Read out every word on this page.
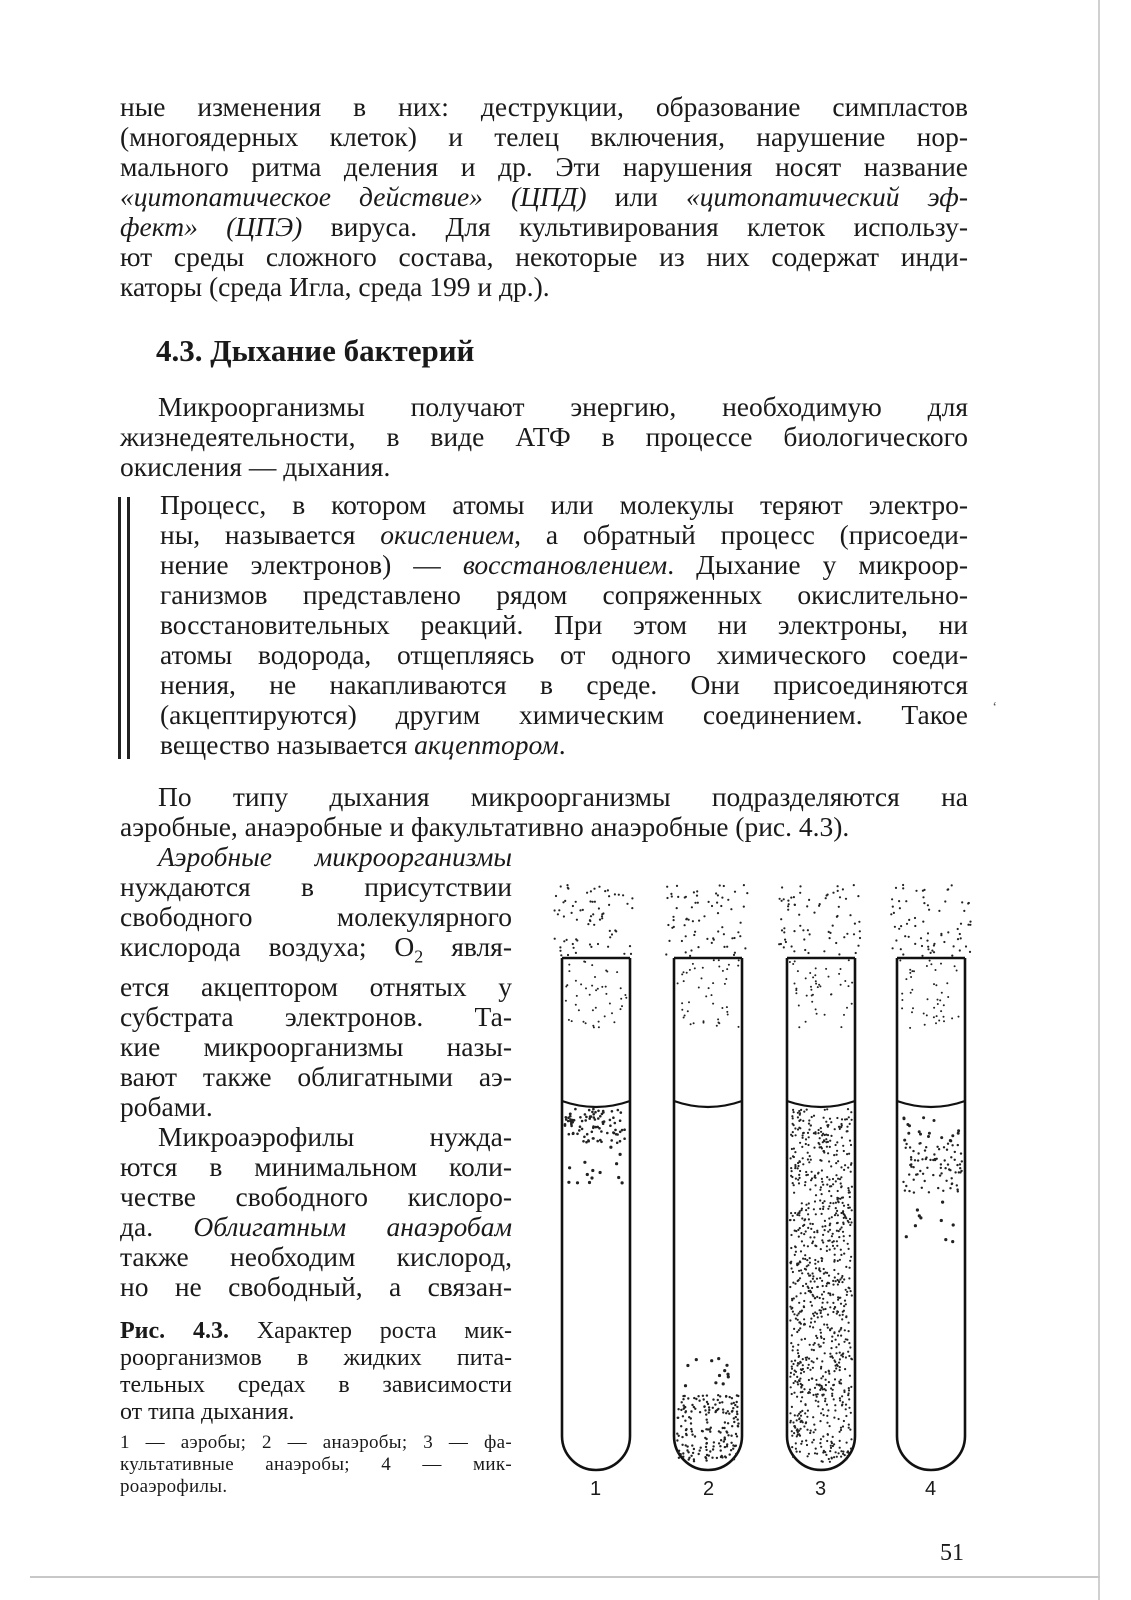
ные изменения в них: деструкции, образование симпластов
(многоядерных клеток) и телец включения, нарушение нор-
мального ритма деления и др. Эти нарушения носят название
«цитопатическое действие» (ЦПД) или «цитопатический эф-
фект» (ЦПЭ) вируса. Для культивирования клеток использу-
ют среды сложного состава, некоторые из них содержат инди-
каторы (среда Игла, среда 199 и др.).
4.3. Дыхание бактерий
Микроорганизмы получают энергию, необходимую для
жизнедеятельности, в виде АТФ в процессе биологического
окисления — дыхания.
Процесс, в котором атомы или молекулы теряют электро-
ны, называется окислением, а обратный процесс (присоеди-
нение электронов) — восстановлением. Дыхание у микроор-
ганизмов представлено рядом сопряженных окислительно-
восстановительных реакций. При этом ни электроны, ни
атомы водорода, отщепляясь от одного химического соеди-
нения, не накапливаются в среде. Они присоединяются
(акцептируются) другим химическим соединением. Такое
вещество называется акцептором.
По типу дыхания микроорганизмы подразделяются на
аэробные, анаэробные и факультативно анаэробные (рис. 4.3).
Аэробные микроорганизмы
нуждаются в присутствии
свободного молекулярного
кислорода воздуха; $O_2$ явля-
ется акцептором отнятых у
субстрата электронов. Та-
кие микроорганизмы назы-
вают также облигатными аэ-
робами.
Микроаэрофилы нужда-
ются в минимальном коли-
честве свободного кислоро-
да. Облигатным анаэробам
также необходим кислород,
но не свободный, а связан-
Рис. 4.3. Характер роста мик-
роорганизмов в жидких пита-
тельных средах в зависимости
от типа дыхания.
1 — аэробы; 2 — анаэробы; 3 — фа-
культативные анаэробы; 4 — мик-
роаэрофилы.	1	2	3	4
‘
51
